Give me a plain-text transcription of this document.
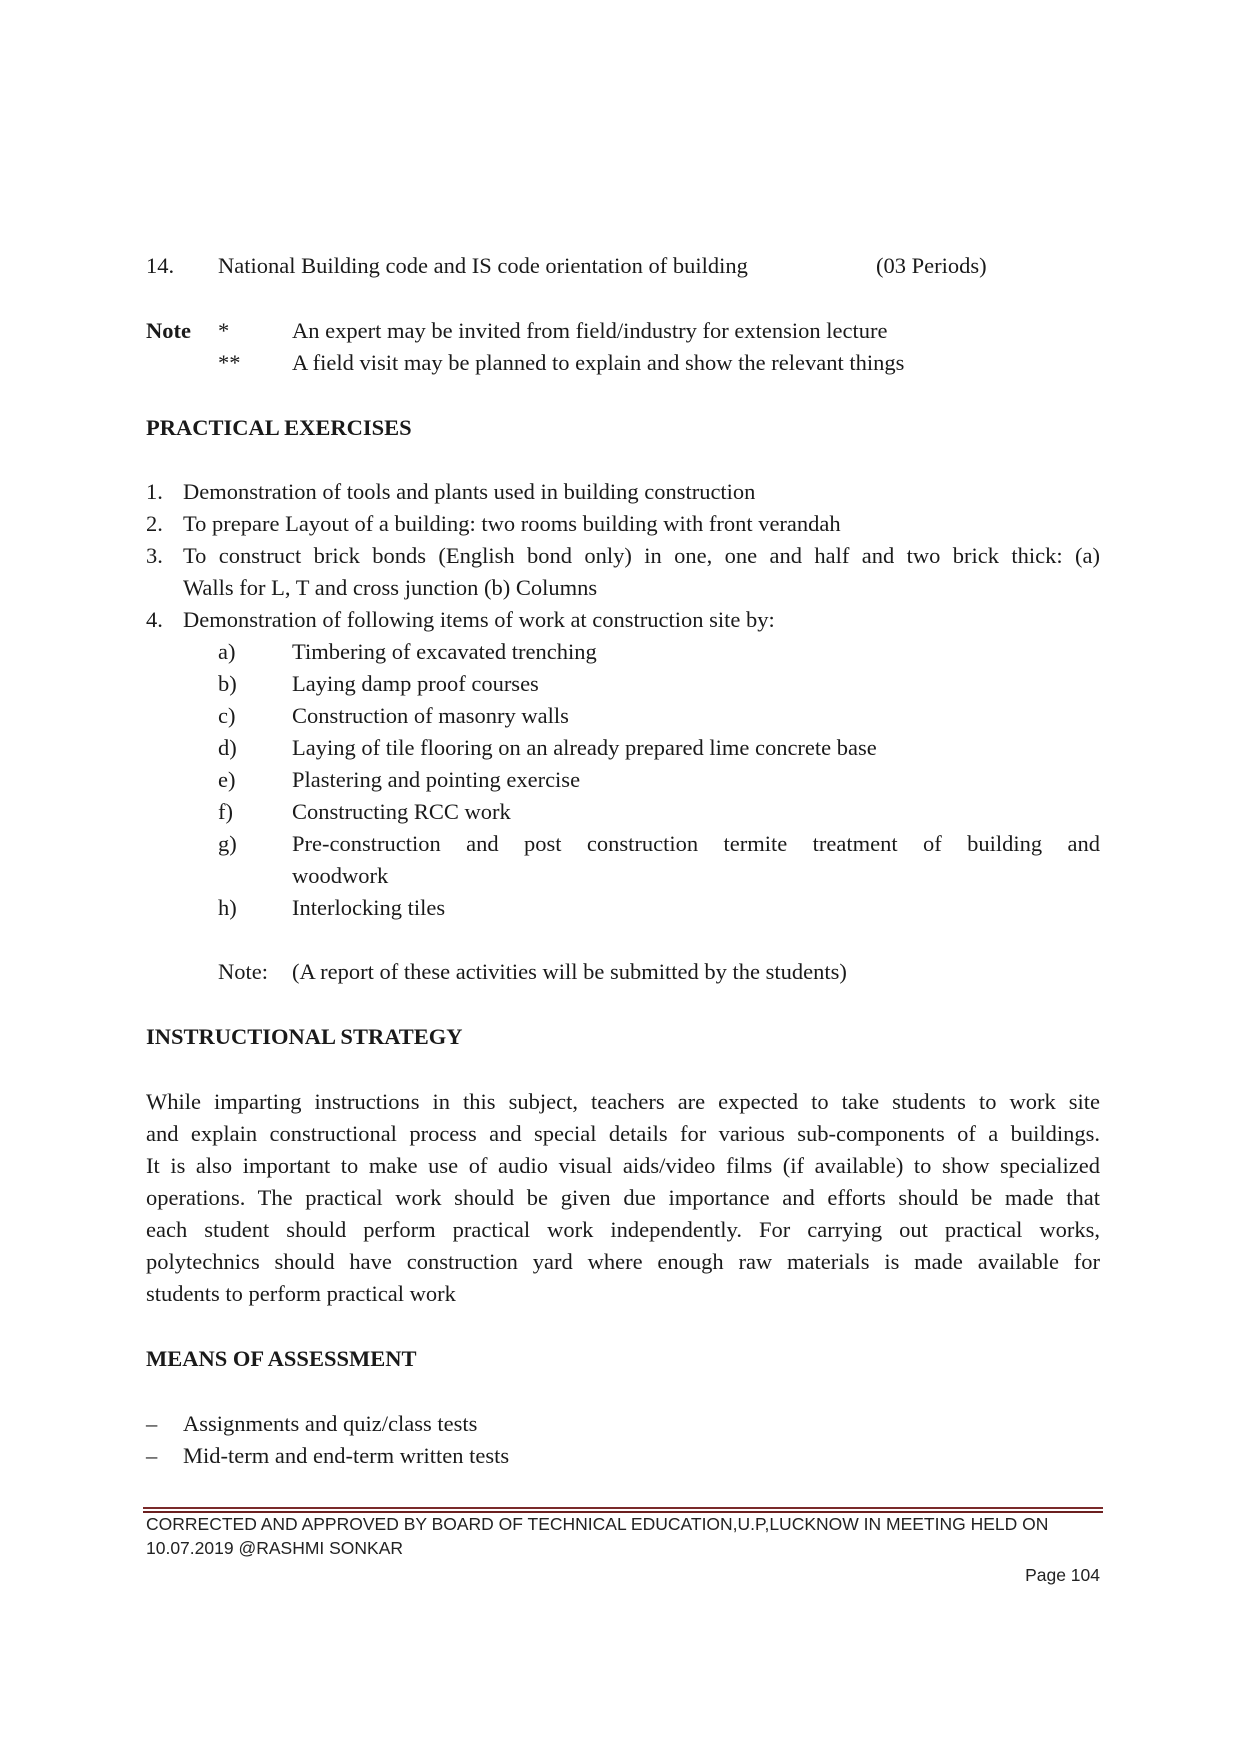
14. National Building code and IS code orientation of building	(03 Periods)
Note *	An expert may be invited from field/industry for extension lecture
** A field visit may be planned to explain and show the relevant things
PRACTICAL EXERCISES
1. Demonstration of tools and plants used in building construction
2. To prepare Layout of a building: two rooms building with front verandah
3. To construct brick bonds (English bond only) in one, one and half and two brick thick: (a)
Walls for L, T and cross junction (b) Columns
4. Demonstration of following items of work at construction site by:
a)	Timbering of excavated trenching
b) Laying damp proof courses
c)	Construction of masonry walls
d) Laying of tile flooring on an already prepared lime concrete base
e)	Plastering and pointing exercise
f)	Constructing RCC work
g) Pre-construction and post construction termite treatment of building and
woodwork
h) Interlocking tiles
Note: (A report of these activities will be submitted by the students)
INSTRUCTIONAL STRATEGY
While imparting instructions in this subject, teachers are expected to take students to work site
and explain constructional process and special details for various sub-components of a buildings.
It is also important to make use of audio visual aids/video films (if available) to show specialized
operations. The practical work should be given due importance and efforts should be made that
each student should perform practical work independently. For carrying out practical works,
polytechnics should have construction yard where enough raw materials is made available for
students to perform practical work
MEANS OF ASSESSMENT
– Assignments and quiz/class tests
– Mid-term and end-term written tests
CORRECTED AND APPROVED BY BOARD OF TECHNICAL EDUCATION,U.P,LUCKNOW IN MEETING HELD ON
10.07.2019 @RASHMI SONKAR
Page 104
